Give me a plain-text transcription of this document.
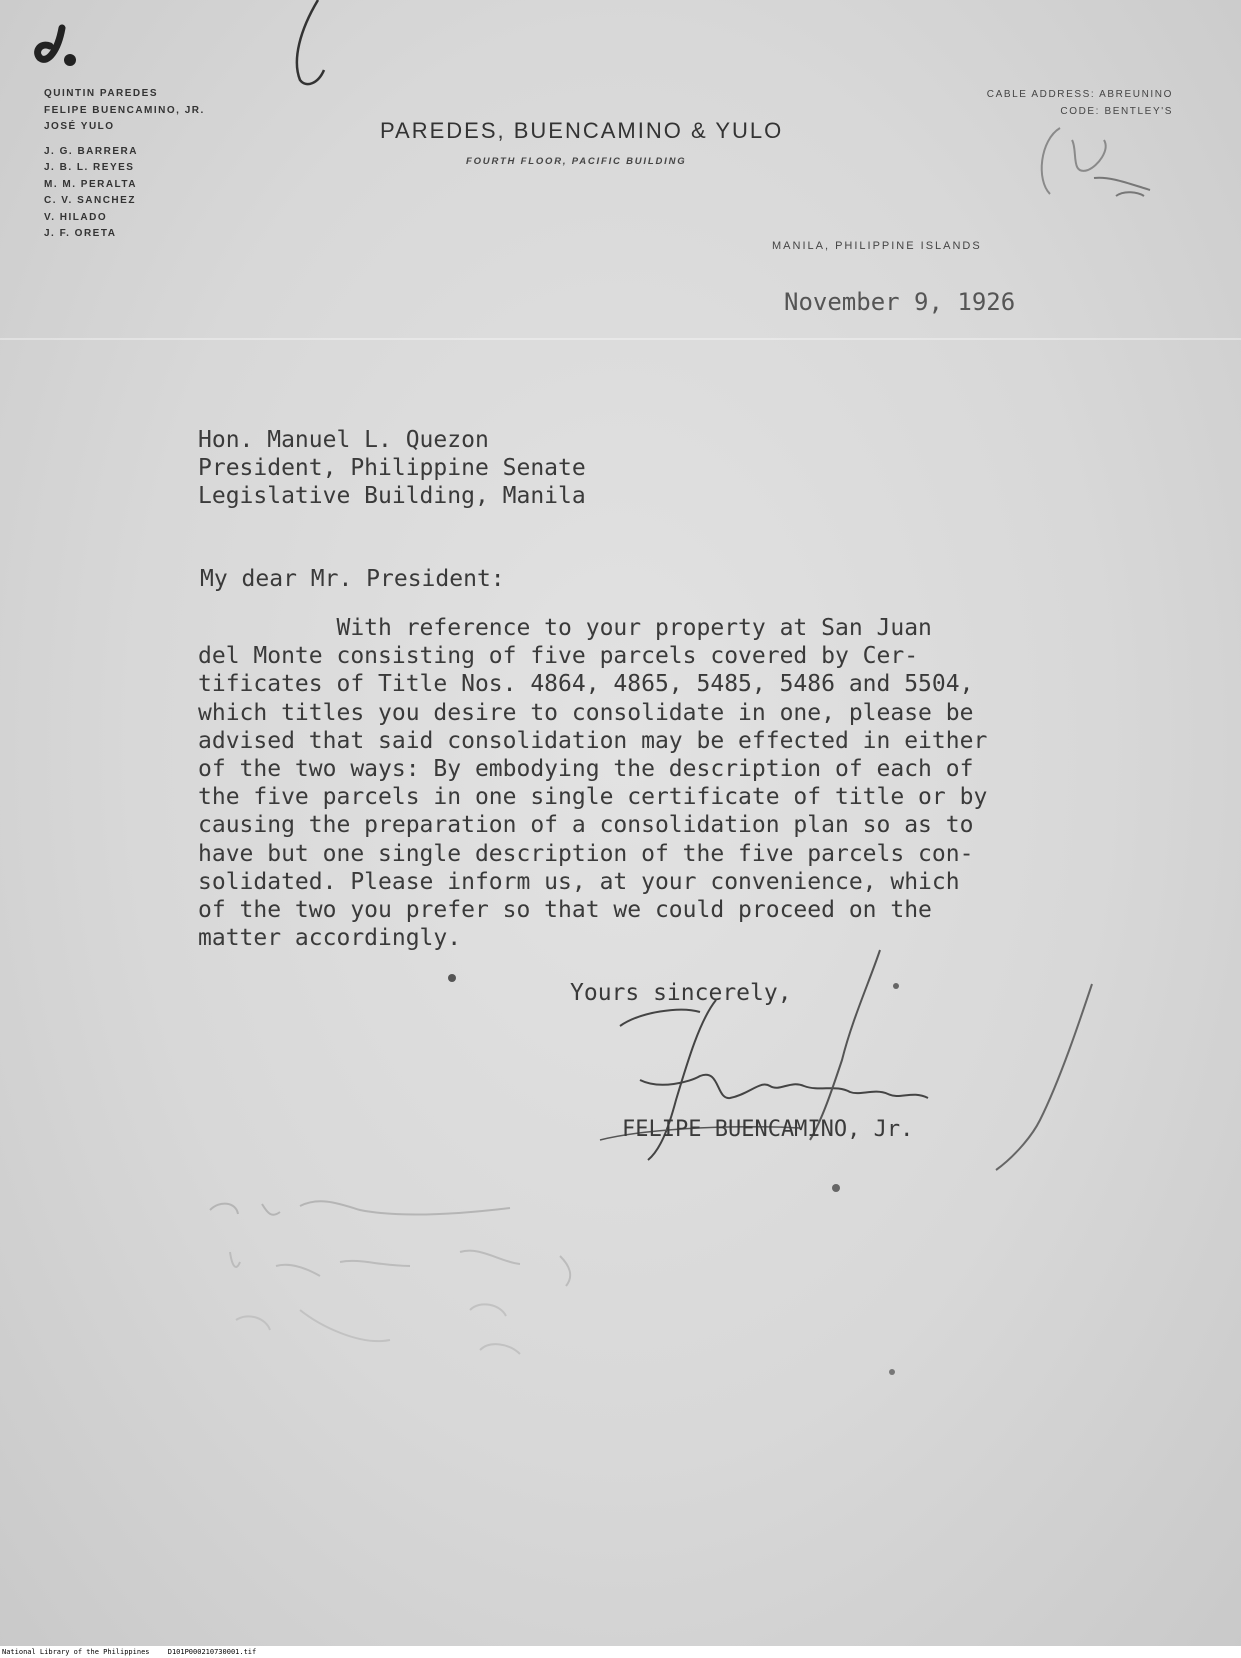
QUINTIN PAREDES
FELIPE BUENCAMINO, JR.
JOSÉ YULO
J. G. BARRERA
J. B. L. REYES
M. M. PERALTA
C. V. SANCHEZ
V. HILADO
J. F. ORETA
PAREDES, BUENCAMINO & YULO
FOURTH FLOOR, PACIFIC BUILDING
CABLE ADDRESS: ABREUNINO
CODE: BENTLEY'S
MANILA, PHILIPPINE ISLANDS
November 9, 1926
Hon. Manuel L. Quezon
President, Philippine Senate
Legislative Building, Manila
My dear Mr. President:
With reference to your property at San Juan
del Monte consisting of five parcels covered by Cer-
tificates of Title Nos. 4864, 4865, 5485, 5486 and 5504,
which titles you desire to consolidate in one, please be
advised that said consolidation may be effected in either
of the two ways: By embodying the description of each of
the five parcels in one single certificate of title or by
causing the preparation of a consolidation plan so as to
have but one single description of the five parcels con-
solidated. Please inform us, at your convenience, which
of the two you prefer so that we could proceed on the
matter accordingly.
Yours sincerely,
FELIPE BUENCAMINO, Jr.
National Library of the Philippines	D101P000210730001.tif
